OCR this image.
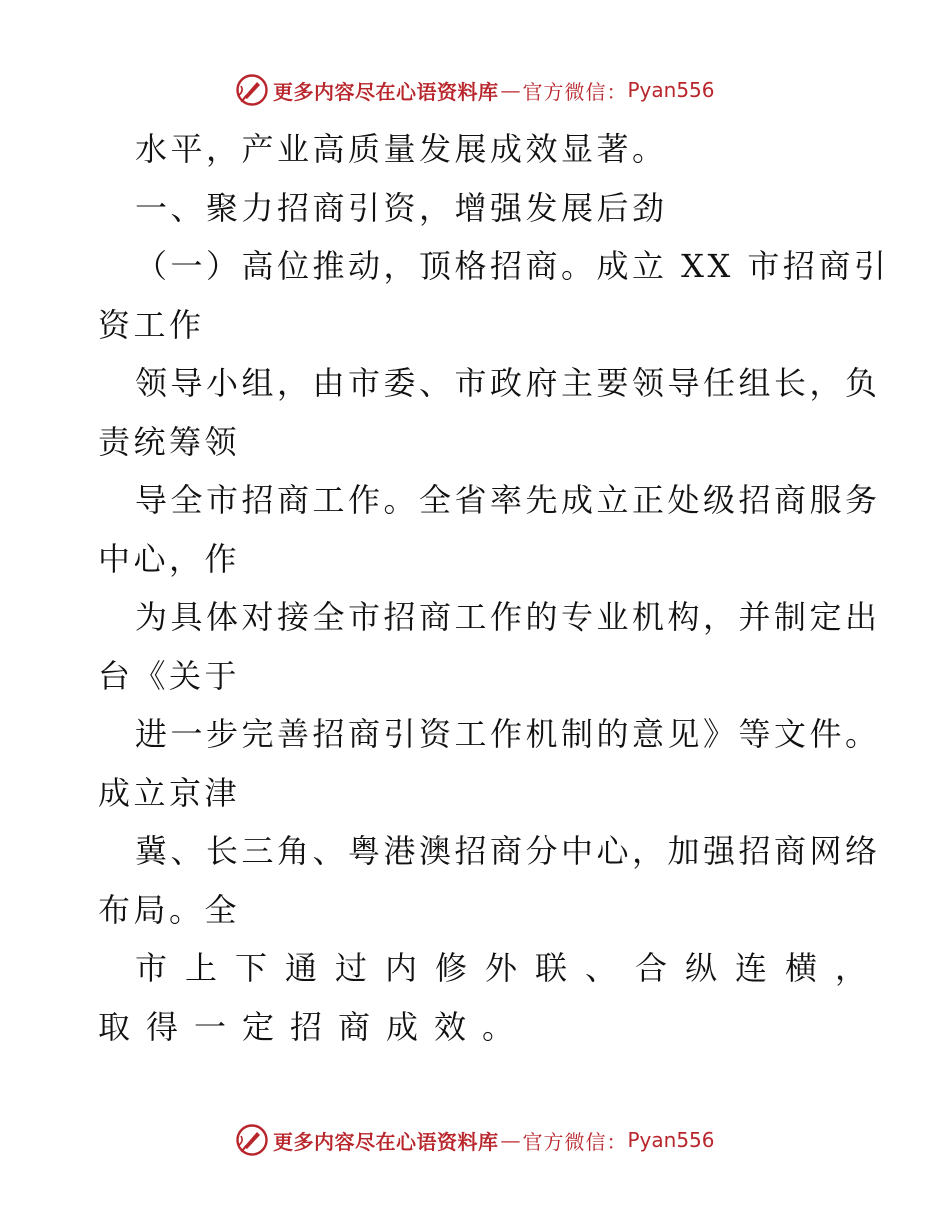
更多内容尽在心语资料库 — 官方微信： Pyan556
水平，产业高质量发展成效显著。
一、聚力招商引资，增强发展后劲
（一）高位推动，顶格招商。成立 XX 市招商引
资工作
领导小组，由市委、市政府主要领导任组长，负
责统筹领
导全市招商工作。全省率先成立正处级招商服务
中心，作
为具体对接全市招商工作的专业机构，并制定出
台《关于
进一步完善招商引资工作机制的意见》等文件。
成立京津
冀、长三角、粤港澳招商分中心，加强招商网络
布局。全
市上下通过内修外联、合纵连横，
取得一定招商成效。
更多内容尽在心语资料库 — 官方微信： Pyan556
